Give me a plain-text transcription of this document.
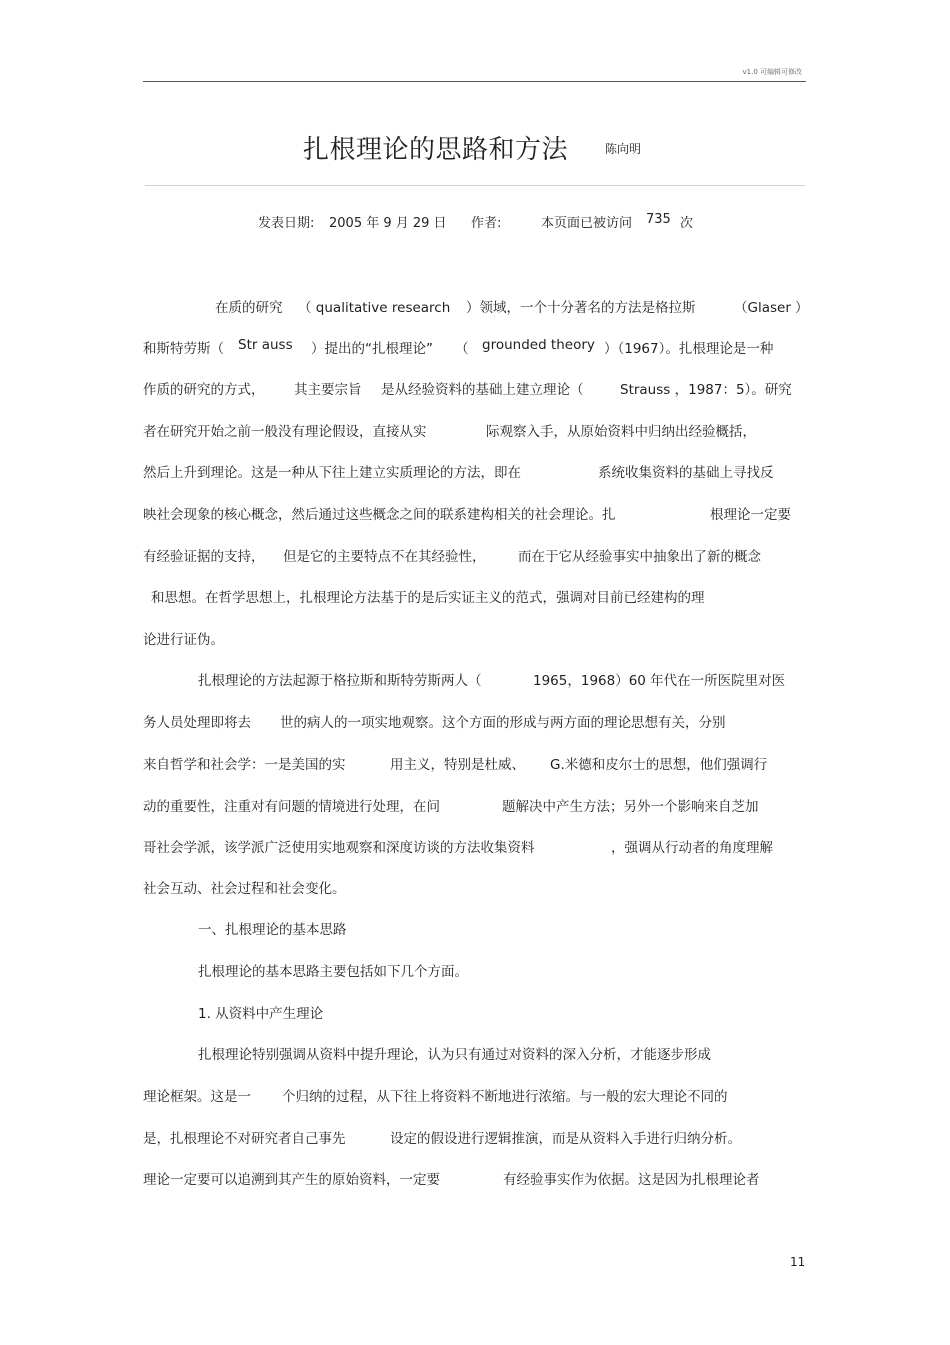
v1.0 可编辑可修改
扎根理论的思路和方法	陈向明
发表日期: 2005 年 9 月 29 日 作者:	本页面已被访问 735 次
在质的研究 （ qualitative research ）领域，一个十分著名的方法是格拉斯	（Glaser ）
和斯特劳斯（ Str auss ）提出的“扎根理论” （ grounded theory ）（1967）。扎根理论是一种
作质的研究的方式， 其主要宗旨 是从经验资料的基础上建立理论（	Strauss ，1987：5）。研究
者在研究开始之前一般没有理论假设，直接从实	际观察入手，从原始资料中归纳出经验概括，
然后上升到理论。这是一种从下往上建立实质理论的方法，即在	系统收集资料的基础上寻找反
映社会现象的核心概念，然后通过这些概念之间的联系建构相关的社会理论。扎	根理论一定要
有经验证据的支持， 但是它的主要特点不在其经验性， 而在于它从经验事实中抽象出了新的概念
和思想。在哲学思想上，扎根理论方法基于的是后实证主义的范式，强调对目前已经建构的理
论进行证伪。
扎根理论的方法起源于格拉斯和斯特劳斯两人（	1965，1968）60 年代在一所医院里对医
务人员处理即将去 世的病人的一项实地观察。这个方面的形成与两方面的理论思想有关，分别
来自哲学和社会学：一是美国的实	用主义，特别是杜威、 G.米德和皮尔士的思想，他们强调行
动的重要性，注重对有问题的情境进行处理，在问	题解决中产生方法；另外一个影响来自芝加
哥社会学派，该学派广泛使用实地观察和深度访谈的方法收集资料	，强调从行动者的角度理解
社会互动、社会过程和社会变化。
一、扎根理论的基本思路
扎根理论的基本思路主要包括如下几个方面。
1. 从资料中产生理论
扎根理论特别强调从资料中提升理论，认为只有通过对资料的深入分析，才能逐步形成
理论框架。这是一 个归纳的过程，从下往上将资料不断地进行浓缩。与一般的宏大理论不同的
是，扎根理论不对研究者自己事先	设定的假设进行逻辑推演，而是从资料入手进行归纳分析。
理论一定要可以追溯到其产生的原始资料，一定要	有经验事实作为依据。这是因为扎根理论者
11
